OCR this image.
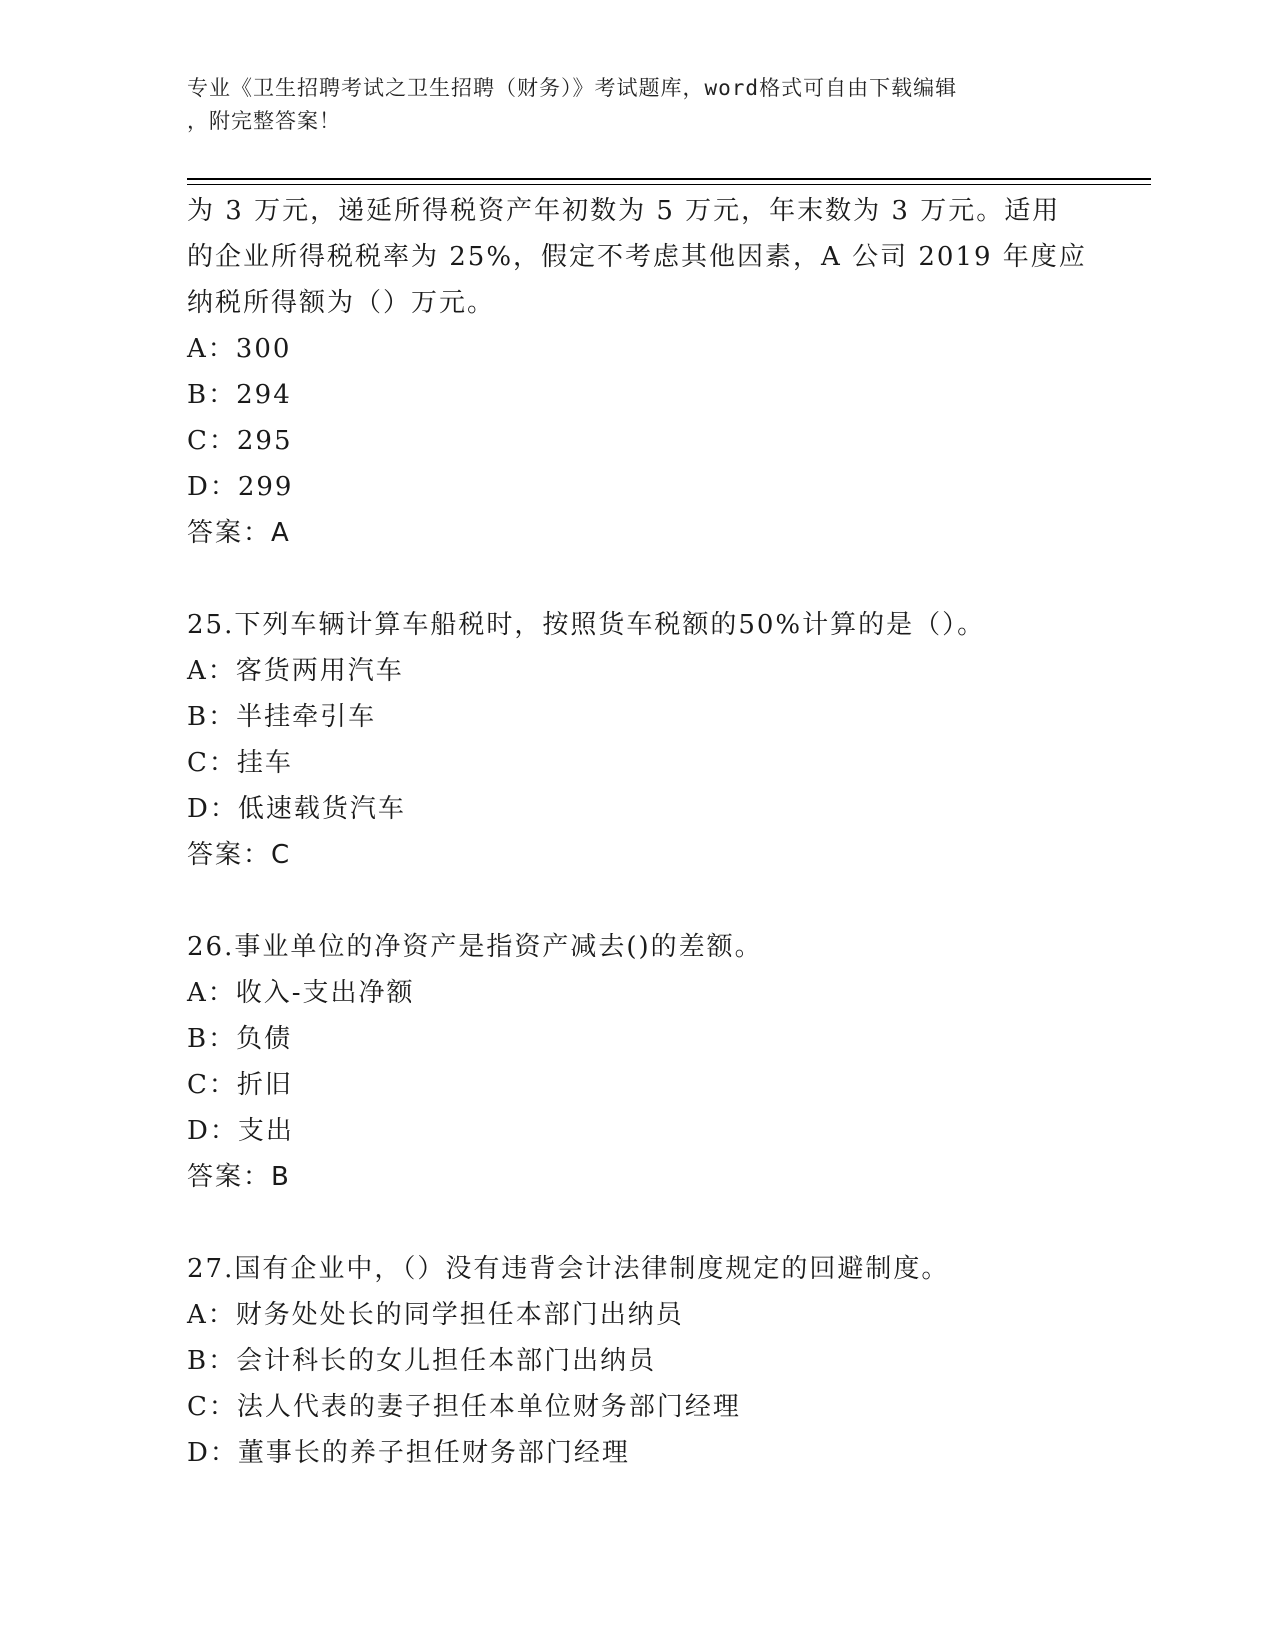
专业《卫生招聘考试之卫生招聘（财务）》考试题库，word格式可自由下载编辑
，附完整答案！
为 3 万元，递延所得税资产年初数为 5 万元，年末数为 3 万元。适用
的企业所得税税率为 25%，假定不考虑其他因素，A 公司 2019 年度应
纳税所得额为（）万元。
A：300
B：294
C：295
D：299
答案：A
25.下列车辆计算车船税时，按照货车税额的50%计算的是（）。
A：客货两用汽车
B：半挂牵引车
C：挂车
D：低速载货汽车
答案：C
26.事业单位的净资产是指资产减去()的差额。
A：收入-支出净额
B：负债
C：折旧
D：支出
答案：B
27.国有企业中，（）没有违背会计法律制度规定的回避制度。
A：财务处处长的同学担任本部门出纳员
B：会计科长的女儿担任本部门出纳员
C：法人代表的妻子担任本单位财务部门经理
D：董事长的养子担任财务部门经理
